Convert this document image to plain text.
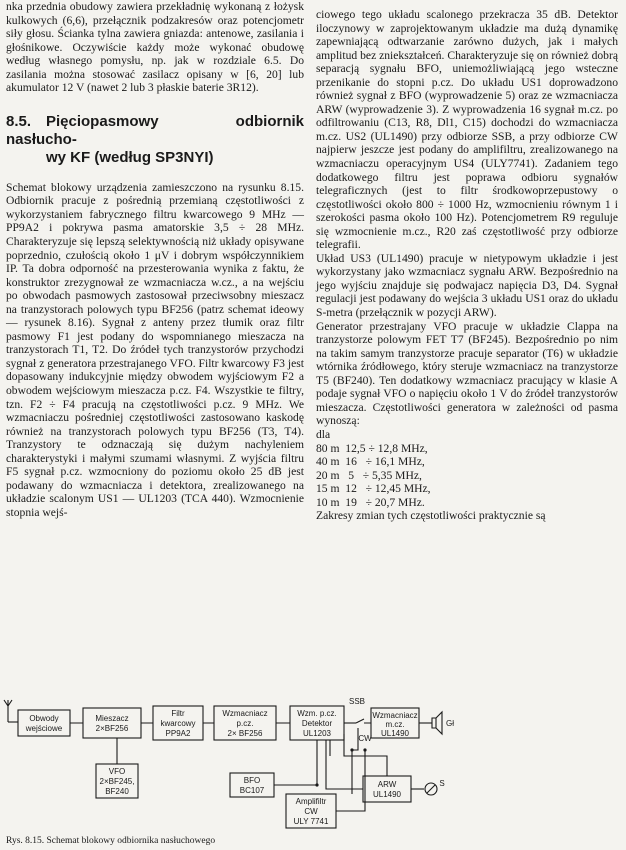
nka przednia obudowy zawiera przekładnię wykonaną z łożysk kulkowych (6,6), przełącznik podzakresów oraz potencjometr siły głosu. Ścianka tylna zawiera gniazda: antenowe, zasilania i głośnikowe. Oczywiście każdy może wykonać obudowę według własnego pomysłu, np. jak w rozdziale 6.5. Do zasilania można stosować zasilacz opisany w [6, 20] lub akumulator 12 V (nawet 2 lub 3 płaskie baterie 3R12).

8.5. Pięciopasmowy odbiornik nasłucho-
wy KF (według SP3NYI)

Schemat blokowy urządzenia zamieszczono na rysunku 8.15. Odbiornik pracuje z pośrednią przemianą częstotliwości z wykorzystaniem fabrycznego filtru kwarcowego 9 MHz — PP9A2 i pokrywa pasma amatorskie 3,5 ÷ 28 MHz. Charakteryzuje się lepszą selektywnością niż układy opisywane poprzednio, czułością około 1 μV i dobrym współczynnikiem IP. Ta dobra odporność na przesterowania wynika z faktu, że konstruktor zrezygnował ze wzmacniacza w.cz., a na wejściu po obwodach pasmowych zastosował przeciwsobny mieszacz na tranzystorach polowych typu BF256 (patrz schemat ideowy — rysunek 8.16). Sygnał z anteny przez tłumik oraz filtr pasmowy F1 jest podany do wspomnianego mieszacza na tranzystorach T1, T2. Do źródeł tych tranzystorów przychodzi sygnał z generatora przestrajanego VFO. Filtr kwarcowy F3 jest dopasowany indukcyjnie między obwodem wyjściowym F2 a obwodem wejściowym mieszacza p.cz. F4. Wszystkie te filtry, tzn. F2 ÷ F4 pracują na częstotliwości p.cz. 9 MHz. We wzmacniaczu pośredniej częstotliwości zastosowano kaskodę również na tranzystorach polowych typu BF256 (T3, T4). Tranzystory te odznaczają się dużym nachyleniem charakterystyki i małymi szumami własnymi. Z wyjścia filtru F5 sygnał p.cz. wzmocniony do poziomu około 25 dB jest podawany do wzmacniacza i detektora, zrealizowanego na układzie scalonym US1 — UL1203 (TCA 440). Wzmocnienie stopnia wejś-

ciowego tego układu scalonego przekracza 35 dB. Detektor iloczynowy w zaprojektowanym układzie ma dużą dynamikę zapewniającą odtwarzanie zarówno dużych, jak i małych amplitud bez zniekształceń. Charakteryzuje się on również dobrą separacją sygnału BFO, uniemożliwiającą jego wsteczne przenikanie do stopni p.cz. Do układu US1 doprowadzono również sygnał z BFO (wyprowadzenie 5) oraz ze wzmacniacza ARW (wyprowadzenie 3). Z wyprowadzenia 16 sygnał m.cz. po odfiltrowaniu (C13, R8, Dl1, C15) dochodzi do wzmacniacza m.cz. US2 (UL1490) przy odbiorze SSB, a przy odbiorze CW najpierw jeszcze jest podany do amplifiltru, zrealizowanego na wzmacniaczu operacyjnym US4 (ULY7741). Zadaniem tego dodatkowego filtru jest poprawa odbioru sygnałów telegraficznych (jest to filtr środkowoprzepustowy o częstotliwości około 800 ÷ 1000 Hz, wzmocnieniu równym 1 i szerokości pasma około 100 Hz). Potencjometrem R9 reguluje się wzmocnienie m.cz., R20 zaś częstotliwość przy odbiorze telegrafii.

Układ US3 (UL1490) pracuje w nietypowym układzie i jest wykorzystany jako wzmacniacz sygnału ARW. Bezpośrednio na jego wyjściu znajduje się podwajacz napięcia D3, D4. Sygnał regulacji jest podawany do wejścia 3 układu US1 oraz do układu S-metra (przełącznik w pozycji ARW).

Generator przestrajany VFO pracuje w układzie Clappa na tranzystorze polowym FET T7 (BF245). Bezpośrednio po nim na takim samym tranzystorze pracuje separator (T6) w układzie wtórnika źródłowego, który steruje wzmacniacz na tranzystorze T5 (BF240). Ten dodatkowy wzmacniacz pracujący w klasie A podaje sygnał VFO o napięciu około 1 V do źródeł tranzystorów mieszacza. Częstotliwości generatora w zależności od pasma wynoszą:

dla
80 m  12,5 ÷ 12,8 MHz,
40 m  16   ÷ 16,1 MHz,
20 m   5   ÷ 5,35 MHz,
15 m  12   ÷ 12,45 MHz,
10 m  19   ÷ 20,7 MHz.

Zakresy zmian tych częstotliwości praktycznie są

Obwody
wejściowe
Mieszacz
2×BF256
Filtr
kwarcowy
PP9A2
Wzmacniacz
p.cz.
2× BF256
Wzm. p.cz.
Detektor
UL1203
Wzmacniacz
m.cz.
UL1490
VFO
2×BF245,
BF240
BFO
BC107
Amplifiltr
CW
ULY 7741
ARW
UL1490
SSB
CW
Gł
S
Rys. 8.15. Schemat blokowy odbiornika nasłuchowego
